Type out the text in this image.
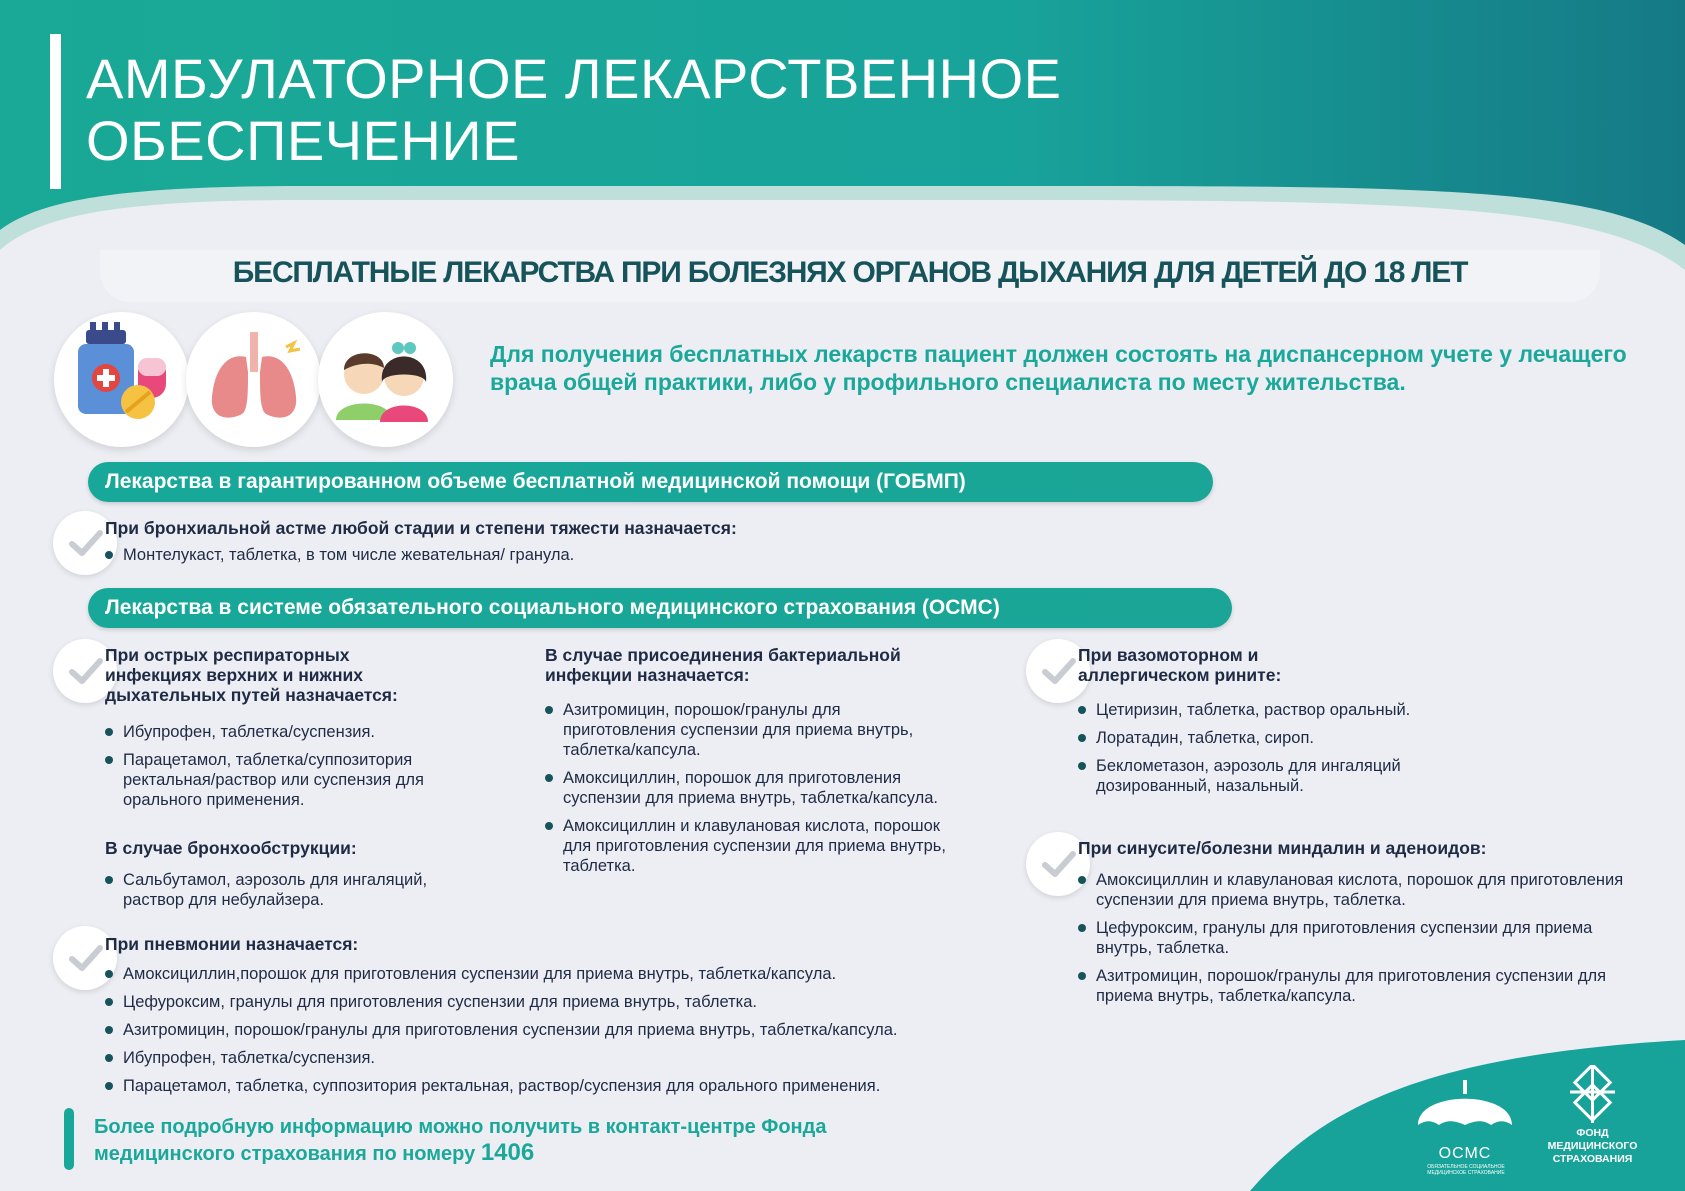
АМБУЛАТОРНОЕ ЛЕКАРСТВЕННОЕ
ОБЕСПЕЧЕНИЕ
БЕСПЛАТНЫЕ ЛЕКАРСТВА ПРИ БОЛЕЗНЯХ ОРГАНОВ ДЫХАНИЯ ДЛЯ ДЕТЕЙ ДО 18 ЛЕТ
Для получения бесплатных лекарств пациент должен состоять на диспансерном учете у лечащего врача общей практики, либо у профильного специалиста по месту жительства.
Лекарства в гарантированном объеме бесплатной медицинской помощи (ГОБМП)
При бронхиальной астме любой стадии и степени тяжести назначается:
Монтелукаст, таблетка, в том числе жевательная/ гранула.
Лекарства в системе обязательного социального медицинского страхования (ОСМС)
При острых респираторных инфекциях верхних и нижних дыхательных путей назначается:
Ибупрофен, таблетка/суспензия.
Парацетамол, таблетка/суппозитория ректальная/раствор или суспензия для орального применения.
В случае бронхообструкции:
Сальбутамол, аэрозоль для ингаляций, раствор для небулайзера.
В случае присоединения бактериальной инфекции назначается:
Азитромицин, порошок/гранулы для приготовления суспензии для приема внутрь, таблетка/капсула.
Амоксициллин, порошок для приготовления суспензии для приема внутрь, таблетка/капсула.
Амоксициллин и клавулановая кислота, порошок для приготовления суспензии для приема внутрь, таблетка.
При вазомоторном и аллергическом рините:
Цетиризин, таблетка, раствор оральный.
Лоратадин, таблетка, сироп.
Беклометазон, аэрозоль для ингаляций дозированный, назальный.
При синусите/болезни миндалин и аденоидов:
Амоксициллин и клавулановая кислота, порошок для приготовления суспензии для приема внутрь, таблетка.
Цефуроксим, гранулы для приготовления суспензии для приема внутрь, таблетка.
Азитромицин, порошок/гранулы для приготовления суспензии для приема внутрь, таблетка/капсула.
При пневмонии назначается:
Амоксициллин,порошок для приготовления суспензии для приема внутрь, таблетка/капсула.
Цефуроксим, гранулы для приготовления суспензии для приема внутрь, таблетка.
Азитромицин, порошок/гранулы для приготовления суспензии для приема внутрь, таблетка/капсула.
Ибупрофен, таблетка/суспензия.
Парацетамол, таблетка, суппозитория ректальная, раствор/суспензия для орального применения.
Более подробную информацию можно получить в контакт-центре Фонда
медицинского страхования по номеру 1406	ОСМС
ОБЯЗАТЕЛЬНОЕ СОЦИАЛЬНОЕ МЕДИЦИНСКОЕ СТРАХОВАНИЕ
ФОНД
МЕДИЦИНСКОГО
СТРАХОВАНИЯ
